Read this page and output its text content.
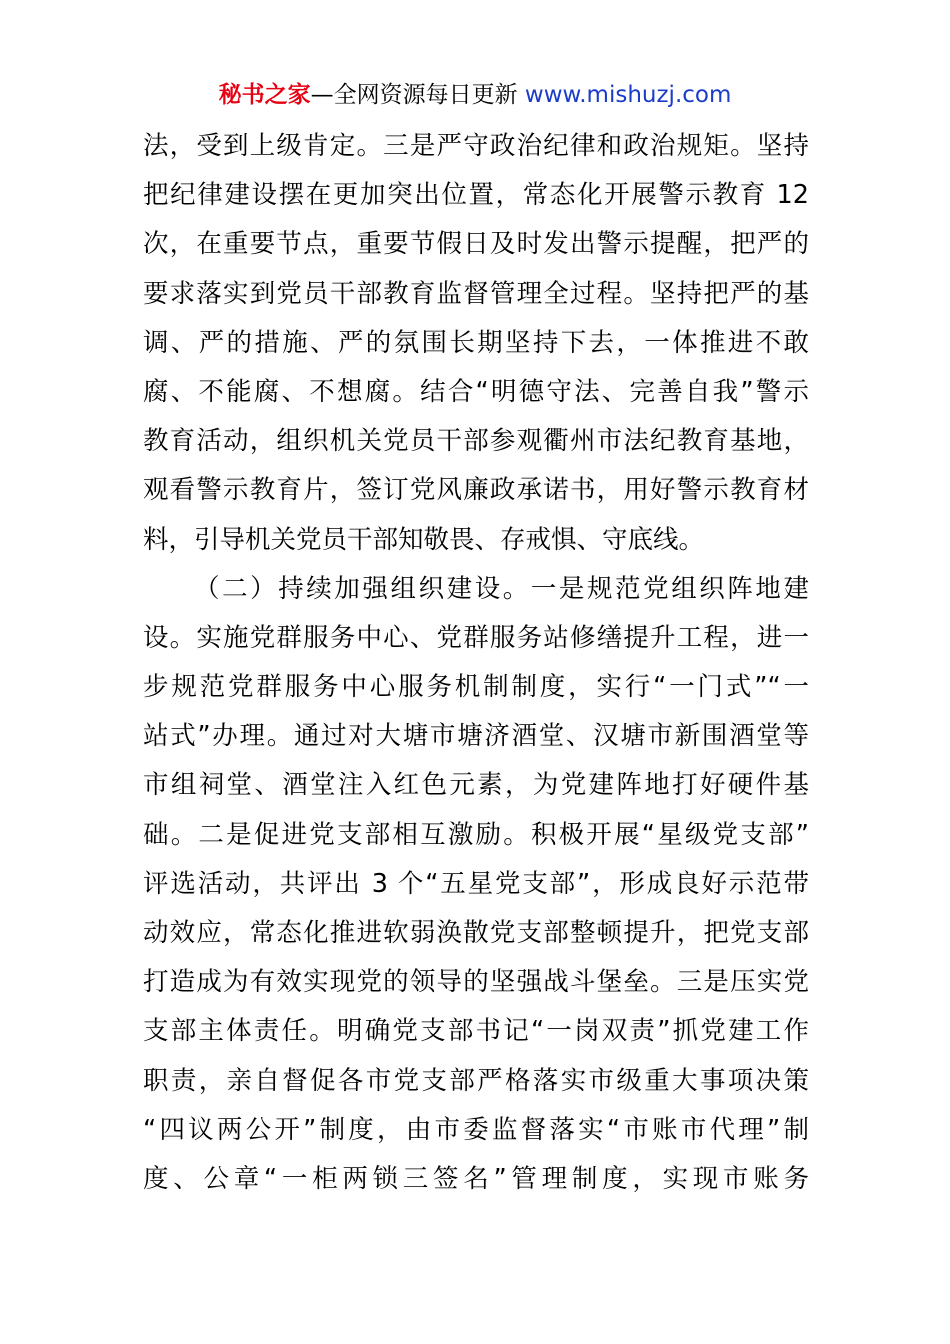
秘书之家—全网资源每日更新 www.mishuzj.com
法，受到上级肯定。三是严守政治纪律和政治规矩。坚持
把纪律建设摆在更加突出位置，常态化开展警示教育 12
次，在重要节点，重要节假日及时发出警示提醒，把严的
要求落实到党员干部教育监督管理全过程。坚持把严的基
调、严的措施、严的氛围长期坚持下去，一体推进不敢
腐、不能腐、不想腐。结合“明德守法、完善自我”警示
教育活动，组织机关党员干部参观衢州市法纪教育基地，
观看警示教育片，签订党风廉政承诺书，用好警示教育材
料，引导机关党员干部知敬畏、存戒惧、守底线。
（二）持续加强组织建设。一是规范党组织阵地建
设。实施党群服务中心、党群服务站修缮提升工程，进一
步规范党群服务中心服务机制制度，实行“一门式”“一
站式”办理。通过对大塘市塘济酒堂、汉塘市新围酒堂等
市组祠堂、酒堂注入红色元素，为党建阵地打好硬件基
础。二是促进党支部相互激励。积极开展“星级党支部”
评选活动，共评出 3 个“五星党支部”，形成良好示范带
动效应，常态化推进软弱涣散党支部整顿提升，把党支部
打造成为有效实现党的领导的坚强战斗堡垒。三是压实党
支部主体责任。明确党支部书记“一岗双责”抓党建工作
职责，亲自督促各市党支部严格落实市级重大事项决策
“四议两公开”制度，由市委监督落实“市账市代理”制
度、公章“一柜两锁三签名”管理制度，实现市账务
